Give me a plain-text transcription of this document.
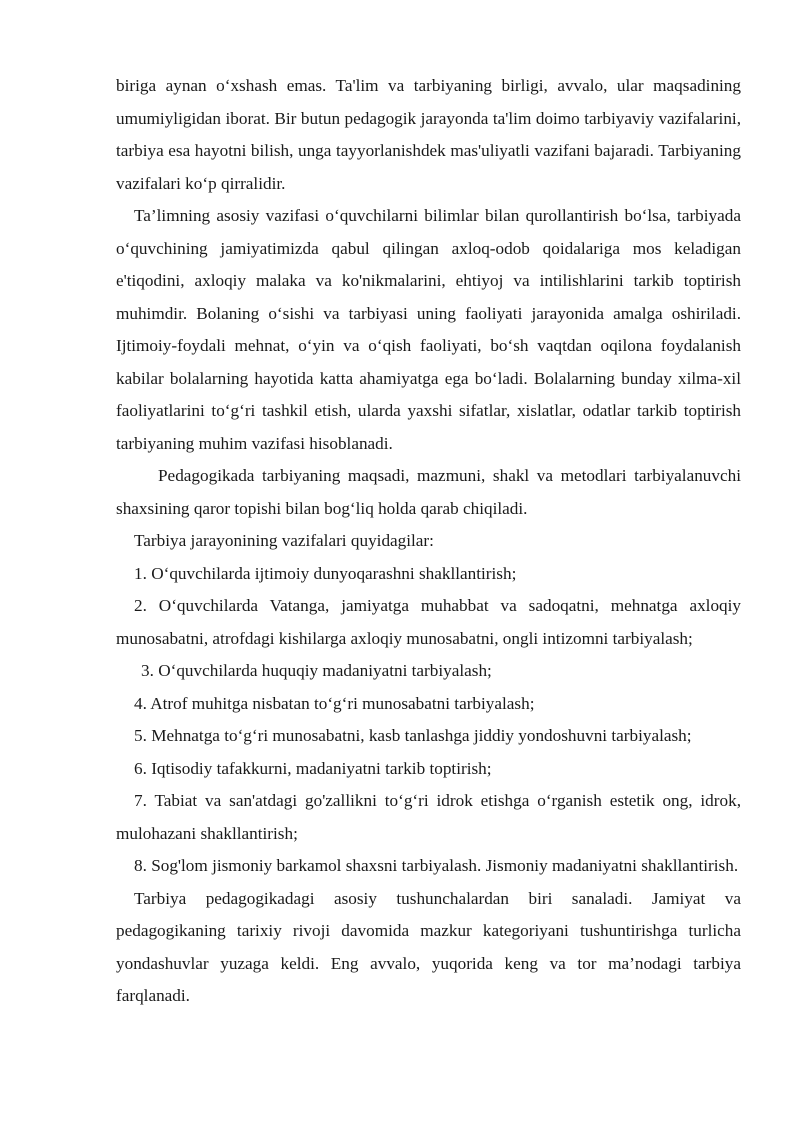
biriga aynan o‘xshash emas. Ta'lim va tarbiyaning birligi, avvalo, ular maqsadining umumiyligidan iborat. Bir butun pedagogik jarayonda ta'lim doimo tarbiyaviy vazifalarini, tarbiya esa hayotni bilish, unga tayyorlanishdek mas'uliyatli vazifani bajaradi. Tarbiyaning vazifalari ko‘p qirralidir.

Ta’limning asosiy vazifasi o‘quvchilarni bilimlar bilan qurollantirish bo‘lsa, tarbiyada o‘quvchining jamiyatimizda qabul qilingan axloq-odob qoidalariga mos keladigan e'tiqodini, axloqiy malaka va ko'nikmalarini, ehtiyoj va intilishlarini tarkib toptirish muhimdir. Bolaning o‘sishi va tarbiyasi uning faoliyati jarayonida amalga oshiriladi. Ijtimoiy-foydali mehnat, o‘yin va o‘qish faoliyati, bo‘sh vaqtdan oqilona foydalanish kabilar bolalarning hayotida katta ahamiyatga ega bo‘ladi. Bolalarning bunday xilma-xil faoliyatlarini to‘g‘ri tashkil etish, ularda yaxshi sifatlar, xislatlar, odatlar tarkib toptirish tarbiyaning muhim vazifasi hisoblanadi.

Pedagogikada tarbiyaning maqsadi, mazmuni, shakl va metodlari tarbiyalanuvchi shaxsining qaror topishi bilan bog‘liq holda qarab chiqiladi.

Tarbiya jarayonining vazifalari quyidagilar:

1. O‘quvchilarda ijtimoiy dunyoqarashni shakllantirish;

2. O‘quvchilarda Vatanga, jamiyatga muhabbat va sadoqatni, mehnatga axloqiy munosabatni, atrofdagi kishilarga axloqiy munosabatni, ongli intizomni tarbiyalash;

3. O‘quvchilarda huquqiy madaniyatni tarbiyalash;

4. Atrof muhitga nisbatan to‘g‘ri munosabatni tarbiyalash;

5. Mehnatga to‘g‘ri munosabatni, kasb tanlashga jiddiy yondoshuvni tarbiyalash;

6. Iqtisodiy tafakkurni, madaniyatni tarkib toptirish;

7. Tabiat va san'atdagi go'zallikni to‘g‘ri idrok etishga o‘rganish estetik ong, idrok, mulohazani shakllantirish;

8. Sog'lom jismoniy barkamol shaxsni tarbiyalash. Jismoniy madaniyatni shakllantirish.

Tarbiya pedagogikadagi asosiy tushunchalardan biri sanaladi. Jamiyat va pedagogikaning tarixiy rivoji davomida mazkur kategoriyani tushuntirishga turlicha yondashuvlar yuzaga keldi. Eng avvalo, yuqorida keng va tor ma’nodagi tarbiya farqlanadi.
